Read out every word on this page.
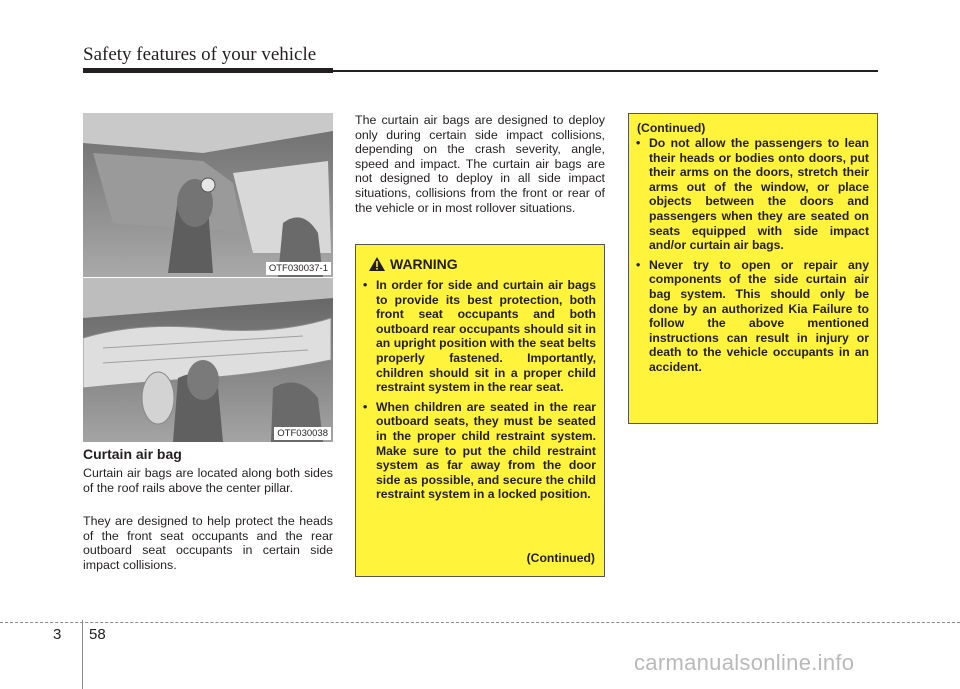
Safety features of your vehicle
OTF030037-1
OTF030038
Curtain air bag

Curtain air bags are located along both sides of the roof rails above the center pillar.

They are designed to help protect the heads of the front seat occupants and the rear outboard seat occupants in certain side impact collisions.

The curtain air bags are designed to deploy only during certain side impact collisions, depending on the crash severity, angle, speed and impact. The curtain air bags are not designed to deploy in all side impact situations, collisions from the front or rear of the vehicle or in most rollover situations.

WARNING
• In order for side and curtain air bags to provide its best protection, both front seat occupants and both outboard rear occupants should sit in an upright position with the seat belts properly fastened. Importantly, children should sit in a proper child restraint system in the rear seat.
• When children are seated in the rear outboard seats, they must be seated in the proper child restraint system. Make sure to put the child restraint system as far away from the door side as possible, and secure the child restraint system in a locked position.
(Continued)
(Continued)
• Do not allow the passengers to lean their heads or bodies onto doors, put their arms on the doors, stretch their arms out of the window, or place objects between the doors and passengers when they are seated on seats equipped with side impact and/or curtain air bags.
• Never try to open or repair any components of the side curtain air bag system. This should only be done by an authorized Kia Failure to follow the above mentioned instructions can result in injury or death to the vehicle occupants in an accident.
3 58
carmanualsonline.info
